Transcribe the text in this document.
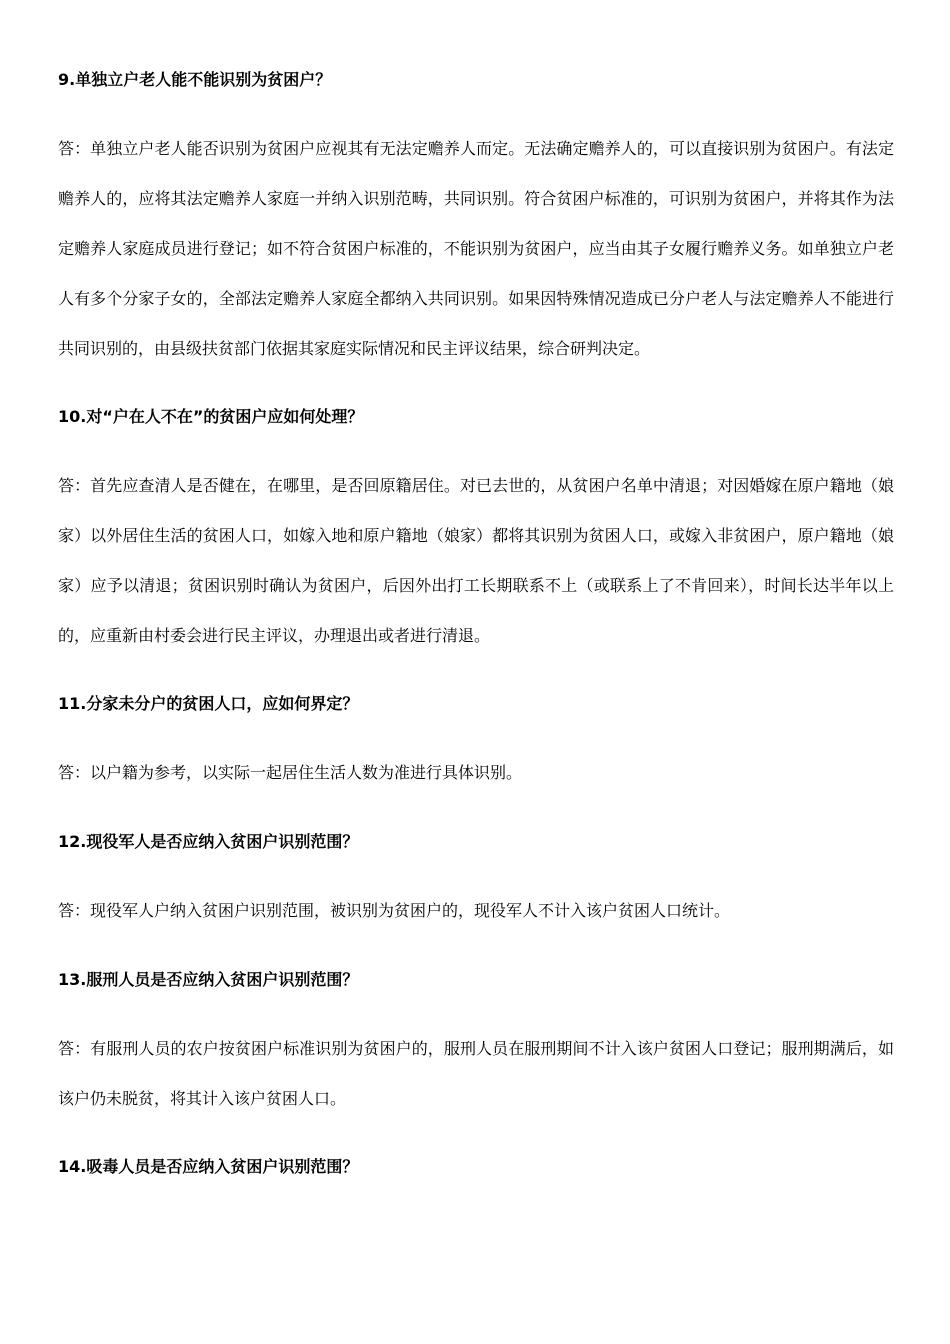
9.单独立户老人能不能识别为贫困户？

答：单独立户老人能否识别为贫困户应视其有无法定赡养人而定。无法确定赡养人的，可以直接识别为贫困户。有法定赡养人的，应将其法定赡养人家庭一并纳入识别范畴，共同识别。符合贫困户标准的，可识别为贫困户，并将其作为法定赡养人家庭成员进行登记；如不符合贫困户标准的，不能识别为贫困户，应当由其子女履行赡养义务。如单独立户老人有多个分家子女的，全部法定赡养人家庭全都纳入共同识别。如果因特殊情况造成已分户老人与法定赡养人不能进行共同识别的，由县级扶贫部门依据其家庭实际情况和民主评议结果，综合研判决定。

10.对“户在人不在”的贫困户应如何处理？

答：首先应查清人是否健在，在哪里，是否回原籍居住。对已去世的，从贫困户名单中清退；对因婚嫁在原户籍地（娘家）以外居住生活的贫困人口，如嫁入地和原户籍地（娘家）都将其识别为贫困人口，或嫁入非贫困户，原户籍地（娘家）应予以清退；贫困识别时确认为贫困户，后因外出打工长期联系不上（或联系上了不肯回来），时间长达半年以上的，应重新由村委会进行民主评议，办理退出或者进行清退。

11.分家未分户的贫困人口，应如何界定？

答：以户籍为参考，以实际一起居住生活人数为准进行具体识别。

12.现役军人是否应纳入贫困户识别范围？

答：现役军人户纳入贫困户识别范围，被识别为贫困户的，现役军人不计入该户贫困人口统计。

13.服刑人员是否应纳入贫困户识别范围？

答：有服刑人员的农户按贫困户标准识别为贫困户的，服刑人员在服刑期间不计入该户贫困人口登记；服刑期满后，如该户仍未脱贫，将其计入该户贫困人口。

14.吸毒人员是否应纳入贫困户识别范围？
